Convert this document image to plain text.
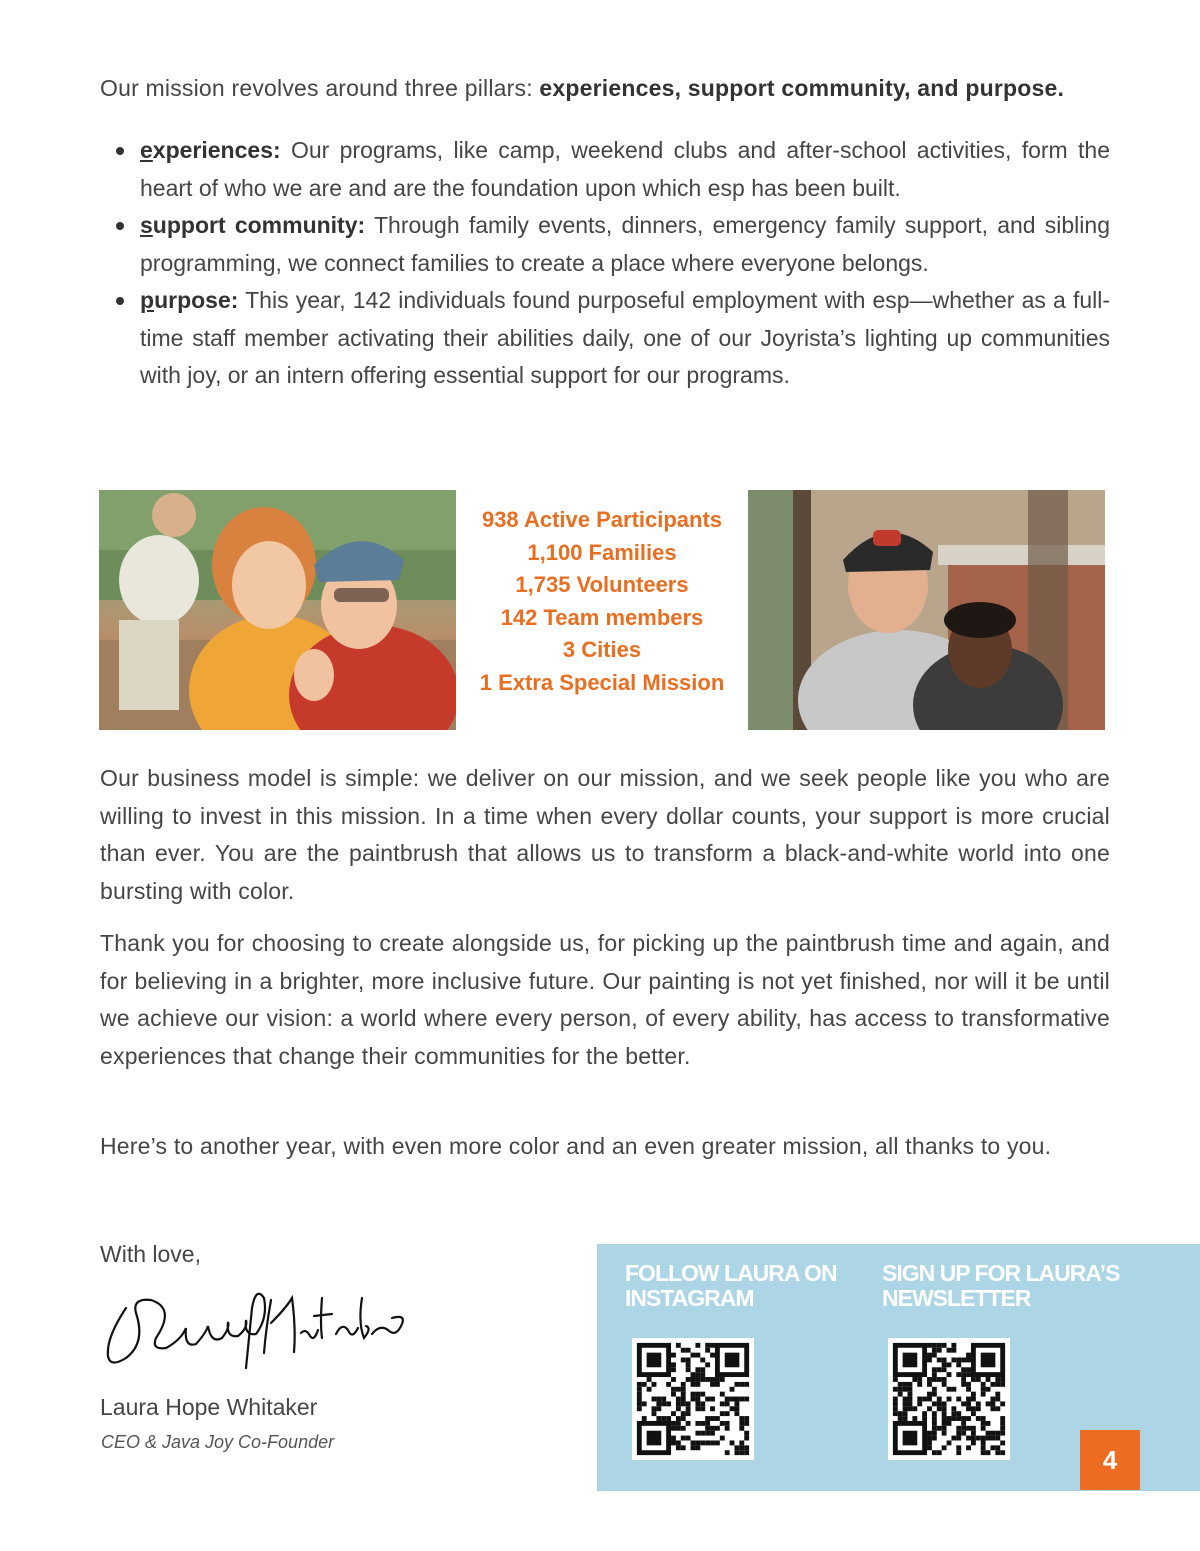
Our mission revolves around three pillars: experiences, support community, and purpose.

experiences: Our programs, like camp, weekend clubs and after-school activities, form the heart of who we are and are the foundation upon which esp has been built.
support community: Through family events, dinners, emergency family support, and sibling programming, we connect families to create a place where everyone belongs.
purpose: This year, 142 individuals found purposeful employment with esp—whether as a full-time staff member activating their abilities daily, one of our Joyrista’s lighting up communities with joy, or an intern offering essential support for our programs.
938 Active Participants
1,100 Families
1,735 Volunteers
142 Team members
3 Cities
1 Extra Special Mission

Our business model is simple: we deliver on our mission, and we seek people like you who are willing to invest in this mission. In a time when every dollar counts, your support is more crucial than ever. You are the paintbrush that allows us to transform a black-and-white world into one bursting with color.

Thank you for choosing to create alongside us, for picking up the paintbrush time and again, and for believing in a brighter, more inclusive future. Our painting is not yet finished, nor will it be until we achieve our vision: a world where every person, of every ability, has access to transformative experiences that change their communities for the better.

Here’s to another year, with even more color and an even greater mission, all thanks to you.

With love,
Laura Hope Whitaker
CEO & Java Joy Co-Founder
FOLLOW LAURA ON INSTAGRAM
SIGN UP FOR LAURA’S NEWSLETTER
4
